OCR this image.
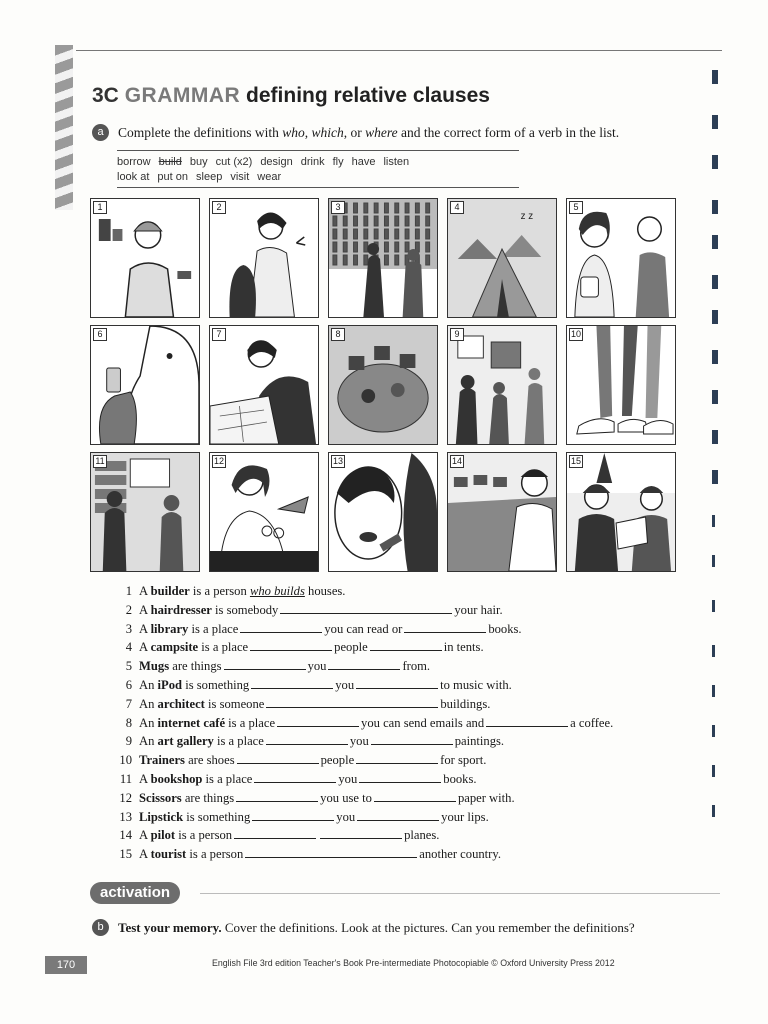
3C GRAMMAR defining relative clauses
a	Complete the definitions with who, which, or where and the correct form of a verb in the list.
borrow build buy cut (x2) design drink fly have listen
look at put on sleep visit wear
1	2	3	4
z z
5
6	7	8	9	10
11	12	13	14	15
1 A builder is a person who builds houses.
2 A hairdresser is somebody	your hair.
3 A library is a place	you can read or	books.
4 A campsite is a place	people	in tents.
5 Mugs are things	you	from.
6 An iPod is something	you	to music with.
7 An architect is someone	buildings.
8 An internet café is a place	you can send emails and	a coffee.
9 An art gallery is a place	you	paintings.
10 Trainers are shoes	people	for sport.
11 A bookshop is a place	you	books.
12 Scissors are things	you use to	paper with.
13 Lipstick is something	you	your lips.
14 A pilot is a person	planes.
15 A tourist is a person	another country.
activation
b	Test your memory. Cover the definitions. Look at the pictures. Can you remember the definitions?
170	English File 3rd edition Teacher's Book Pre-intermediate Photocopiable © Oxford University Press 2012
